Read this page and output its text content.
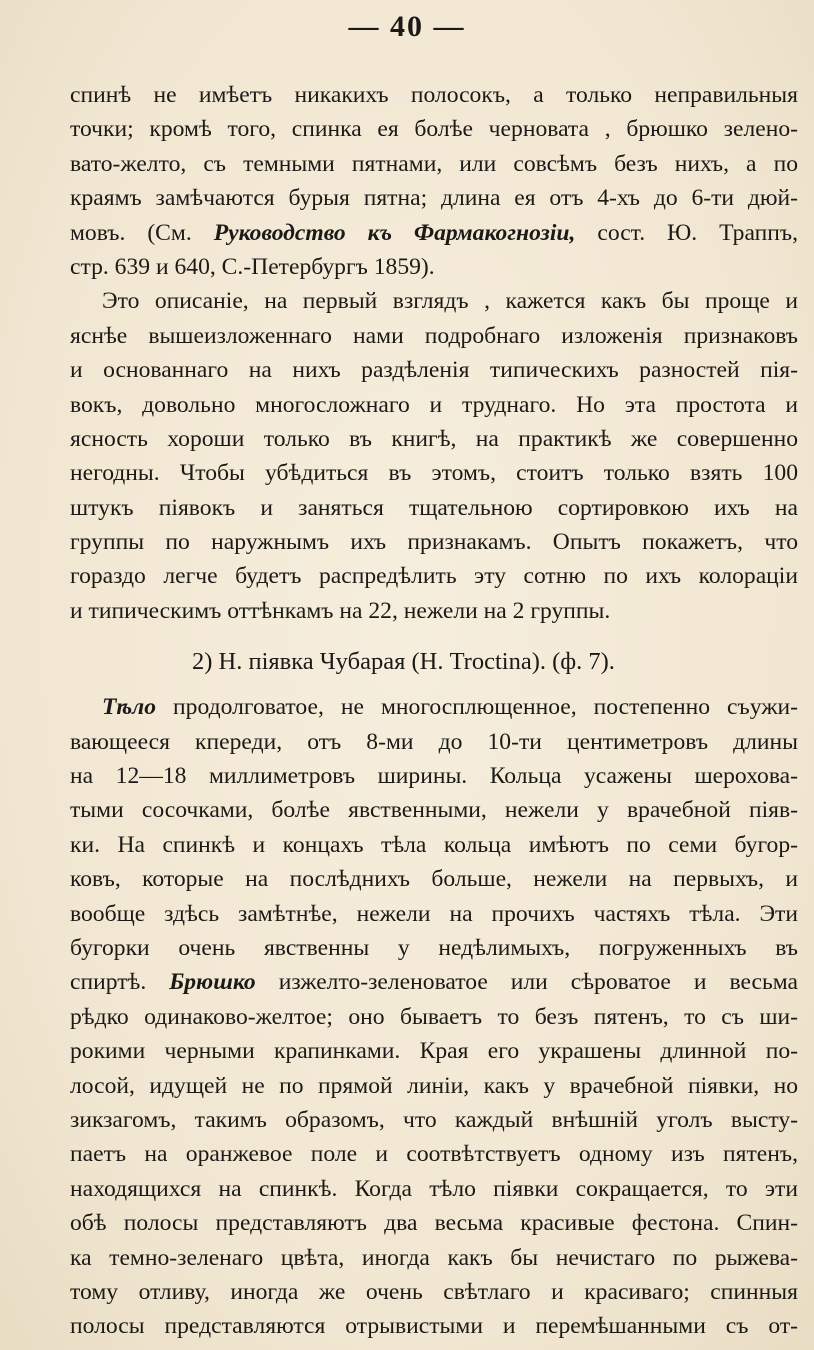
— 40 —
спинѣ не имѣетъ никакихъ полосокъ, а только неправильныя
точки; кромѣ того, спинка ея болѣе черновата , брюшко зелено-
вато-желто, съ темными пятнами, или совсѣмъ безъ нихъ, а по
краямъ замѣчаются бурыя пятна; длина ея отъ 4-хъ до 6-ти дюй-
мовъ. (См. Руководство къ Фармакогнозіи, сост. Ю. Траппъ,
стр. 639 и 640, С.-Петербургъ 1859).
Это описаніе, на первый взглядъ , кажется какъ бы проще и
яснѣе вышеизложеннаго нами подробнаго изложенія признаковъ
и основаннаго на нихъ раздѣленія типическихъ разностей пія-
вокъ, довольно многосложнаго и труднаго. Но эта простота и
ясность хороши только въ книгѣ, на практикѣ же совершенно
негодны. Чтобы убѣдиться въ этомъ, стоитъ только взять 100
штукъ піявокъ и заняться тщательною сортировкою ихъ на
группы по наружнымъ ихъ признакамъ. Опытъ покажетъ, что
гораздо легче будетъ распредѣлить эту сотню по ихъ колораціи
и типическимъ оттѣнкамъ на 22, нежели на 2 группы.
2) Н. піявка Чубарая (Н. Troctina). (ф. 7).
Тѣло продолговатое, не многосплющенное, постепенно съужи-
вающееся кпереди, отъ 8-ми до 10-ти центиметровъ длины
на 12—18 миллиметровъ ширины. Кольца усажены шерохова-
тыми сосочками, болѣе явственными, нежели у врачебной піяв-
ки. На спинкѣ и концахъ тѣла кольца имѣютъ по семи бугор-
ковъ, которые на послѣднихъ больше, нежели на первыхъ, и
вообще здѣсь замѣтнѣе, нежели на прочихъ частяхъ тѣла. Эти
бугорки очень явственны у недѣлимыхъ, погруженныхъ въ
спиртѣ. Брюшко изжелто-зеленоватое или сѣроватое и весьма
рѣдко одинаково-желтое; оно бываетъ то безъ пятенъ, то съ ши-
рокими черными крапинками. Края его украшены длинной по-
лосой, идущей не по прямой линіи, какъ у врачебной піявки, но
зикзагомъ, такимъ образомъ, что каждый внѣшній уголъ высту-
паетъ на оранжевое поле и соотвѣтствуетъ одному изъ пятенъ,
находящихся на спинкѣ. Когда тѣло піявки сокращается, то эти
обѣ полосы представляютъ два весьма красивые фестона. Спин-
ка темно-зеленаго цвѣта, иногда какъ бы нечистаго по рыжева-
тому отливу, иногда же очень свѣтлаго и красиваго; спинныя
полосы представляются отрывистыми и перемѣшанными съ от-
